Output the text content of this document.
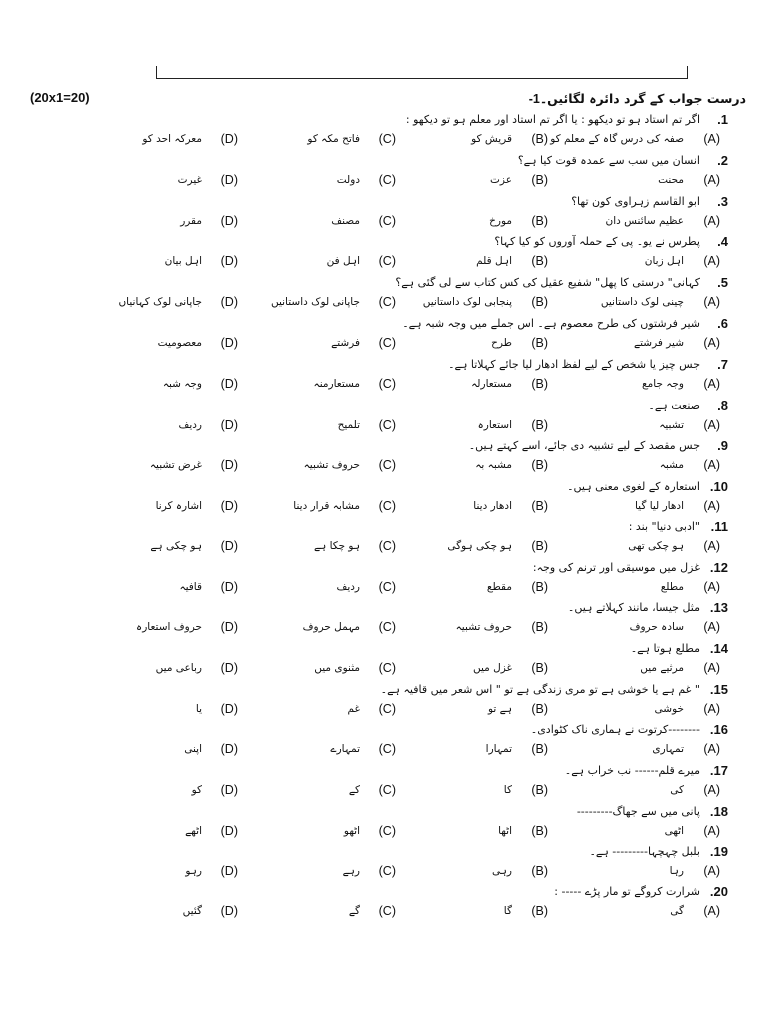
(20x1=20)	درست جواب کے گرد دائرہ لگائیں۔-1
.1
اگر تم استاد ہو تو دیکھو : یا اگر تم استاد اور معلم ہو تو دیکھو :
(A)
صفہ کی درس گاہ کے معلم کو
(B)
قریش کو
(C)
فاتح مکہ کو
(D)
معرکہ احد کو
.2
انسان میں سب سے عمدہ قوت کیا ہے؟
(A)
محنت
(B)
عزت
(C)
دولت
(D)
غیرت
.3
ابو القاسم زہراوی کون تھا؟
(A)
عظیم سائنس دان
(B)
مورخ
(C)
مصنف
(D)
مقرر
.4
پطرس نے یو۔ پی کے حملہ آوروں کو کیا کہا؟
(A)
اہل زبان
(B)
اہل قلم
(C)
اہل فن
(D)
اہل بیان
.5
کہانی" درستی کا پھل" شفیع عقیل کی کس کتاب سے لی گئی ہے؟
(A)
چینی لوک داستانیں
(B)
پنجابی لوک داستانیں
(C)
جاپانی لوک داستانیں
(D)
جاپانی لوک کہانیاں
.6
شیر فرشتوں کی طرح معصوم ہے۔ اس جملے میں وجہ شبہ ہے۔
(A)
شیر فرشتے
(B)
طرح
(C)
فرشتے
(D)
معصومیت
.7
جس چیز یا شخص کے لیے لفظ ادھار لیا جائے کہلاتا ہے۔
(A)
وجہ جامع
(B)
مستعارلہ
(C)
مستعارمنہ
(D)
وجہ شبہ
.8
صنعت ہے۔
(A)
تشبیہ
(B)
استعارہ
(C)
تلمیح
(D)
ردیف
.9
جس مقصد کے لیے تشبیہ دی جائے، اسے کہتے ہیں۔
(A)
مشبہ
(B)
مشبہ بہ
(C)
حروف تشبیہ
(D)
غرض تشبیہ
.10
استعارہ کے لغوی معنی ہیں۔
(A)
ادھار لیا گیا
(B)
ادھار دینا
(C)
مشابہ قرار دینا
(D)
اشارہ کرنا
.11
"ادبی دنیا" بند :
(A)
ہو چکی تھی
(B)
ہو چکی ہوگی
(C)
ہو چکا ہے
(D)
ہو چکی ہے
.12
غزل میں موسیقی اور ترنم کی وجہ:
(A)
مطلع
(B)
مقطع
(C)
ردیف
(D)
قافیہ
.13
مثل جیسا، مانند کہلاتے ہیں۔
(A)
سادہ حروف
(B)
حروف تشبیہ
(C)
مہمل حروف
(D)
حروف استعارہ
.14
مطلع ہوتا ہے۔
(A)
مرثیے میں
(B)
غزل میں
(C)
مثنوی میں
(D)
رباعی میں
.15
" غم ہے یا خوشی ہے تو مری زندگی ہے تو " اس شعر میں قافیہ ہے۔
(A)
خوشی
(B)
ہے تو
(C)
غم
(D)
یا
.16
--------کرتوت نے ہماری ناک کٹوادی۔
(A)
تمہاری
(B)
تمہارا
(C)
تمہارے
(D)
اپنی
.17
میرے قلم------ نب خراب ہے۔
(A)
کی
(B)
کا
(C)
کے
(D)
کو
.18
پانی میں سے جھاگ---------
(A)
اٹھی
(B)
اٹھا
(C)
اٹھو
(D)
اٹھے
.19
بلبل چہچہا--------- ہے۔
(A)
رہا
(B)
رہی
(C)
رہے
(D)
رہو
.20
شرارت کروگے تو مار پڑے ----- :
(A)
گی
(B)
گا
(C)
گے
(D)
گئیں
